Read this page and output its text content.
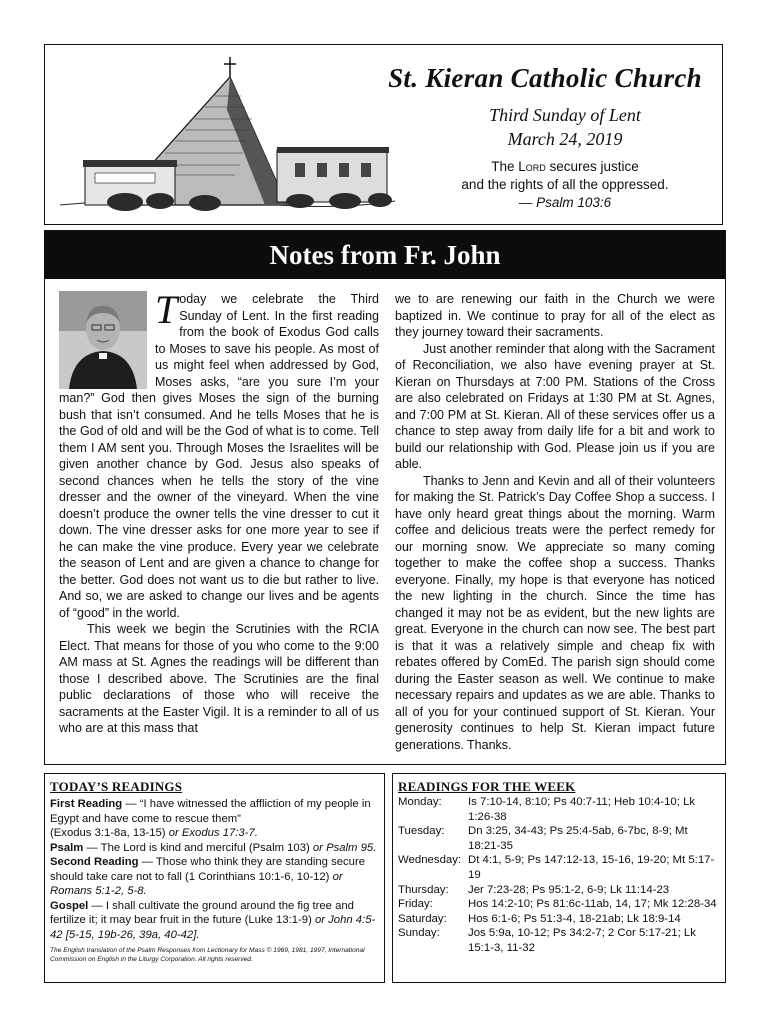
St. Kieran Catholic Church
Third Sunday of Lent
March 24, 2019
The Lord secures justice
and the rights of all the oppressed.
— Psalm 103:6
Notes from Fr. John

Today we celebrate the Third Sunday of Lent. In the first reading from the book of Exodus God calls to Moses to save his people. As most of us might feel when addressed by God, Moses asks, “are you sure I’m your man?” God then gives Moses the sign of the burning bush that isn’t consumed. And he tells Moses that he is the God of old and will be the God of what is to come. Tell them I AM sent you. Through Moses the Israelites will be given another chance by God. Jesus also speaks of second chances when he tells the story of the vine dresser and the owner of the vineyard. When the vine doesn’t produce the owner tells the vine dresser to cut it down. The vine dresser asks for one more year to see if he can make the vine produce. Every year we celebrate the season of Lent and are given a chance to change for the better. God does not want us to die but rather to live. And so, we are asked to change our lives and be agents of “good” in the world.

This week we begin the Scrutinies with the RCIA Elect. That means for those of you who come to the 9:00 AM mass at St. Agnes the readings will be different than those I described above. The Scrutinies are the final public declarations of those who will receive the sacraments at the Easter Vigil. It is a reminder to all of us who are at this mass that

we to are renewing our faith in the Church we were baptized in. We continue to pray for all of the elect as they journey toward their sacraments.

Just another reminder that along with the Sacrament of Reconciliation, we also have evening prayer at St. Kieran on Thursdays at 7:00 PM. Stations of the Cross are also celebrated on Fridays at 1:30 PM at St. Agnes, and 7:00 PM at St. Kieran. All of these services offer us a chance to step away from daily life for a bit and work to build our relationship with God. Please join us if you are able.

Thanks to Jenn and Kevin and all of their volunteers for making the St. Patrick’s Day Coffee Shop a success. I have only heard great things about the morning. Warm coffee and delicious treats were the perfect remedy for our morning snow. We appreciate so many coming together to make the coffee shop a success. Thanks everyone. Finally, my hope is that everyone has noticed the new lighting in the church. Since the time has changed it may not be as evident, but the new lights are great. Everyone in the church can now see. The best part is that it was a relatively simple and cheap fix with rebates offered by ComEd. The parish sign should come during the Easter season as well. We continue to make necessary repairs and updates as we are able. Thanks to all of you for your continued support of St. Kieran. Your generosity continues to help St. Kieran impact future generations. Thanks.

TODAY’S READINGS
First Reading — “I have witnessed the affliction of my people in Egypt and have come to rescue them”
(Exodus 3:1-8a, 13-15) or Exodus 17:3-7.
Psalm — The Lord is kind and merciful (Psalm 103) or Psalm 95.
Second Reading — Those who think they are standing secure should take care not to fall (1 Corinthians 10:1-6, 10-12) or Romans 5:1-2, 5-8.
Gospel — I shall cultivate the ground around the fig tree and fertilize it; it may bear fruit in the future (Luke 13:1-9) or John 4:5-42 [5-15, 19b-26, 39a, 40-42].
The English translation of the Psalm Responses from Lectionary for Mass © 1969, 1981, 1997, International Commission on English in the Liturgy Corporation. All rights reserved.
READINGS FOR THE WEEK
Monday:	Is 7:10-14, 8:10; Ps 40:7-11; Heb 10:4-10; Lk 1:26-38
Tuesday:	Dn 3:25, 34-43; Ps 25:4-5ab, 6-7bc, 8-9; Mt 18:21-35
Wednesday: Dt 4:1, 5-9; Ps 147:12-13, 15-16, 19-20; Mt 5:17-19
Thursday:	Jer 7:23-28; Ps 95:1-2, 6-9; Lk 11:14-23
Friday:	Hos 14:2-10; Ps 81:6c-11ab, 14, 17; Mk 12:28-34
Saturday:	Hos 6:1-6; Ps 51:3-4, 18-21ab; Lk 18:9-14
Sunday:	Jos 5:9a, 10-12; Ps 34:2-7; 2 Cor 5:17-21; Lk 15:1-3, 11-32
